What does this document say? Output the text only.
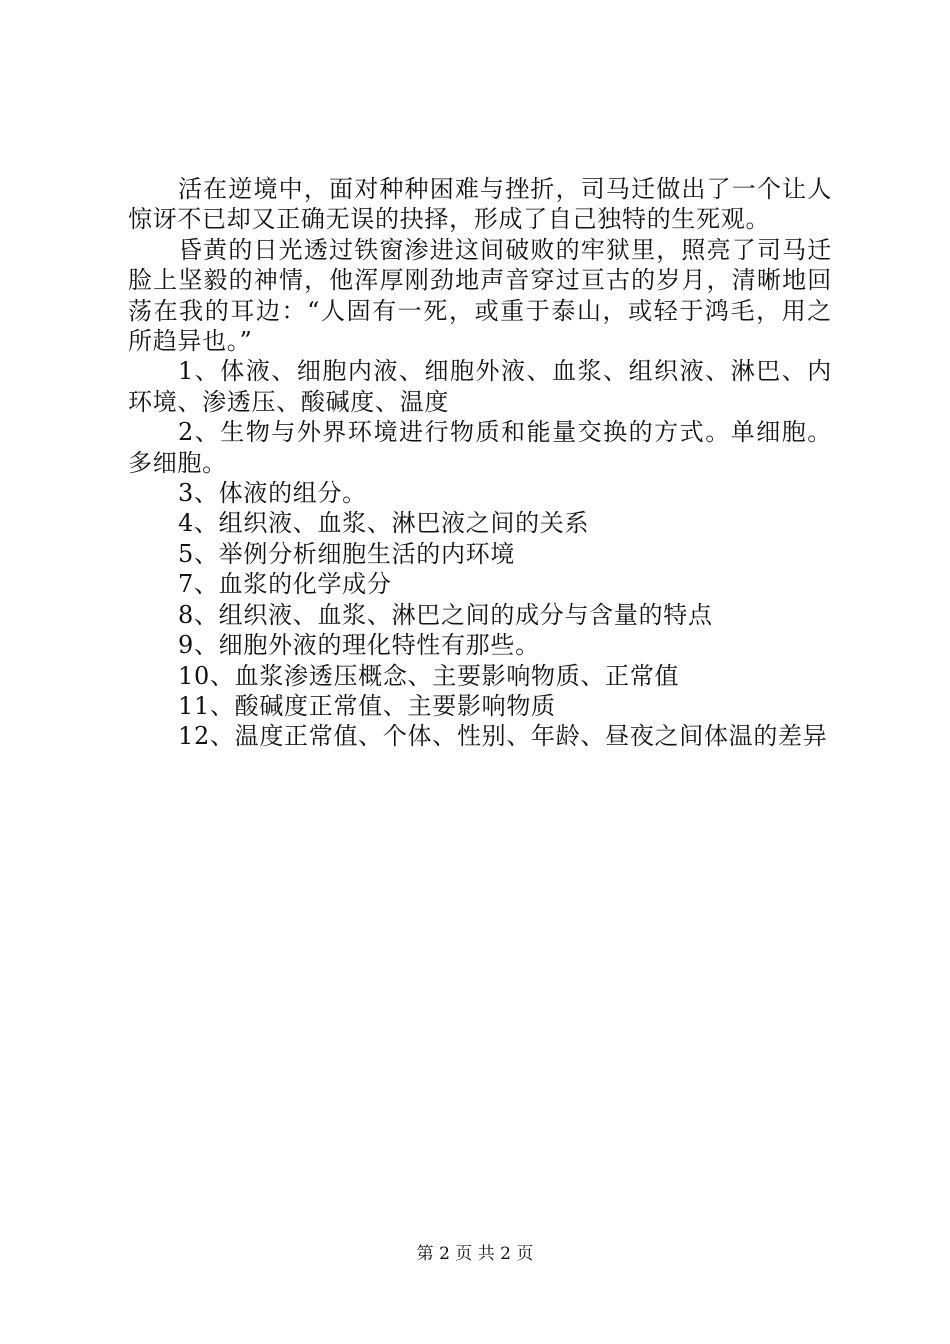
活在逆境中，面对种种困难与挫折，司马迁做出了一个让人惊讶不已却又正确无误的抉择，形成了自己独特的生死观。

昏黄的日光透过铁窗渗进这间破败的牢狱里，照亮了司马迁脸上坚毅的神情，他浑厚刚劲地声音穿过亘古的岁月，清晰地回荡在我的耳边：“人固有一死，或重于泰山，或轻于鸿毛，用之所趋异也。”

1、体液、细胞内液、细胞外液、血浆、组织液、淋巴、内环境、渗透压、酸碱度、温度

2、生物与外界环境进行物质和能量交换的方式。单细胞。多细胞。

3、体液的组分。

4、组织液、血浆、淋巴液之间的关系

5、举例分析细胞生活的内环境

7、血浆的化学成分

8、组织液、血浆、淋巴之间的成分与含量的特点

9、细胞外液的理化特性有那些。

10、血浆渗透压概念、主要影响物质、正常值

11、酸碱度正常值、主要影响物质

12、温度正常值、个体、性别、年龄、昼夜之间体温的差异

第 2 页 共 2 页
